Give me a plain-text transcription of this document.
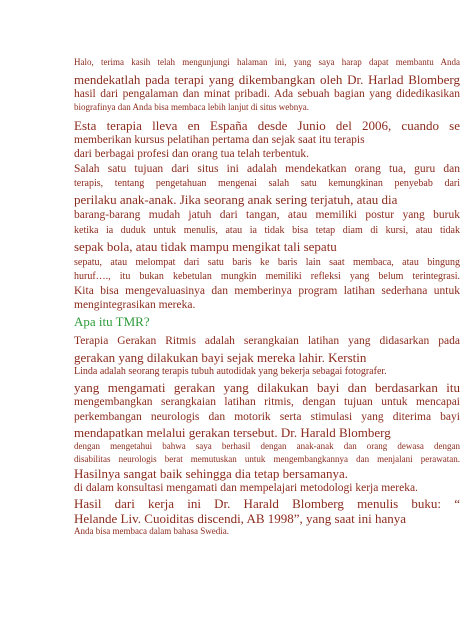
Halo, terima kasih telah mengunjungi halaman ini, yang saya harap dapat membantu Anda
mendekatlah pada terapi yang dikembangkan oleh Dr. Harlad Blomberg
hasil dari pengalaman dan minat pribadi. Ada sebuah bagian yang didedikasikan
biografinya dan Anda bisa membaca lebih lanjut di situs webnya.
Esta terapia lleva en España desde Junio del 2006, cuando se
memberikan kursus pelatihan pertama dan sejak saat itu terapis
dari berbagai profesi dan orang tua telah terbentuk.
Salah satu tujuan dari situs ini adalah mendekatkan orang tua, guru dan
terapis, tentang pengetahuan mengenai salah satu kemungkinan penyebab dari
perilaku anak-anak. Jika seorang anak sering terjatuh, atau dia
barang-barang mudah jatuh dari tangan, atau memiliki postur yang buruk
ketika ia duduk untuk menulis, atau ia tidak bisa tetap diam di kursi, atau tidak
sepak bola, atau tidak mampu mengikat tali sepatu
sepatu, atau melompat dari satu baris ke baris lain saat membaca, atau bingung
huruf…., itu bukan kebetulan mungkin memiliki refleksi yang belum terintegrasi.
Kita bisa mengevaluasinya dan memberinya program latihan sederhana untuk
mengintegrasikan mereka.
Apa itu TMR?
Terapia Gerakan Ritmis adalah serangkaian latihan yang didasarkan pada
gerakan yang dilakukan bayi sejak mereka lahir. Kerstin
Linda adalah seorang terapis tubuh autodidak yang bekerja sebagai fotografer.
yang mengamati gerakan yang dilakukan bayi dan berdasarkan itu
mengembangkan serangkaian latihan ritmis, dengan tujuan untuk mencapai
perkembangan neurologis dan motorik serta stimulasi yang diterima bayi
mendapatkan melalui gerakan tersebut. Dr. Harald Blomberg
dengan mengetahui bahwa saya berhasil dengan anak-anak dan orang dewasa dengan
disabilitas neurologis berat memutuskan untuk mengembangkannya dan menjalani perawatan.
Hasilnya sangat baik sehingga dia tetap bersamanya.
di dalam konsultasi mengamati dan mempelajari metodologi kerja mereka.
Hasil dari kerja ini Dr. Harald Blomberg menulis buku: “
Helande Liv. Cuoiditas discendi, AB 1998”, yang saat ini hanya
Anda bisa membaca dalam bahasa Swedia.
